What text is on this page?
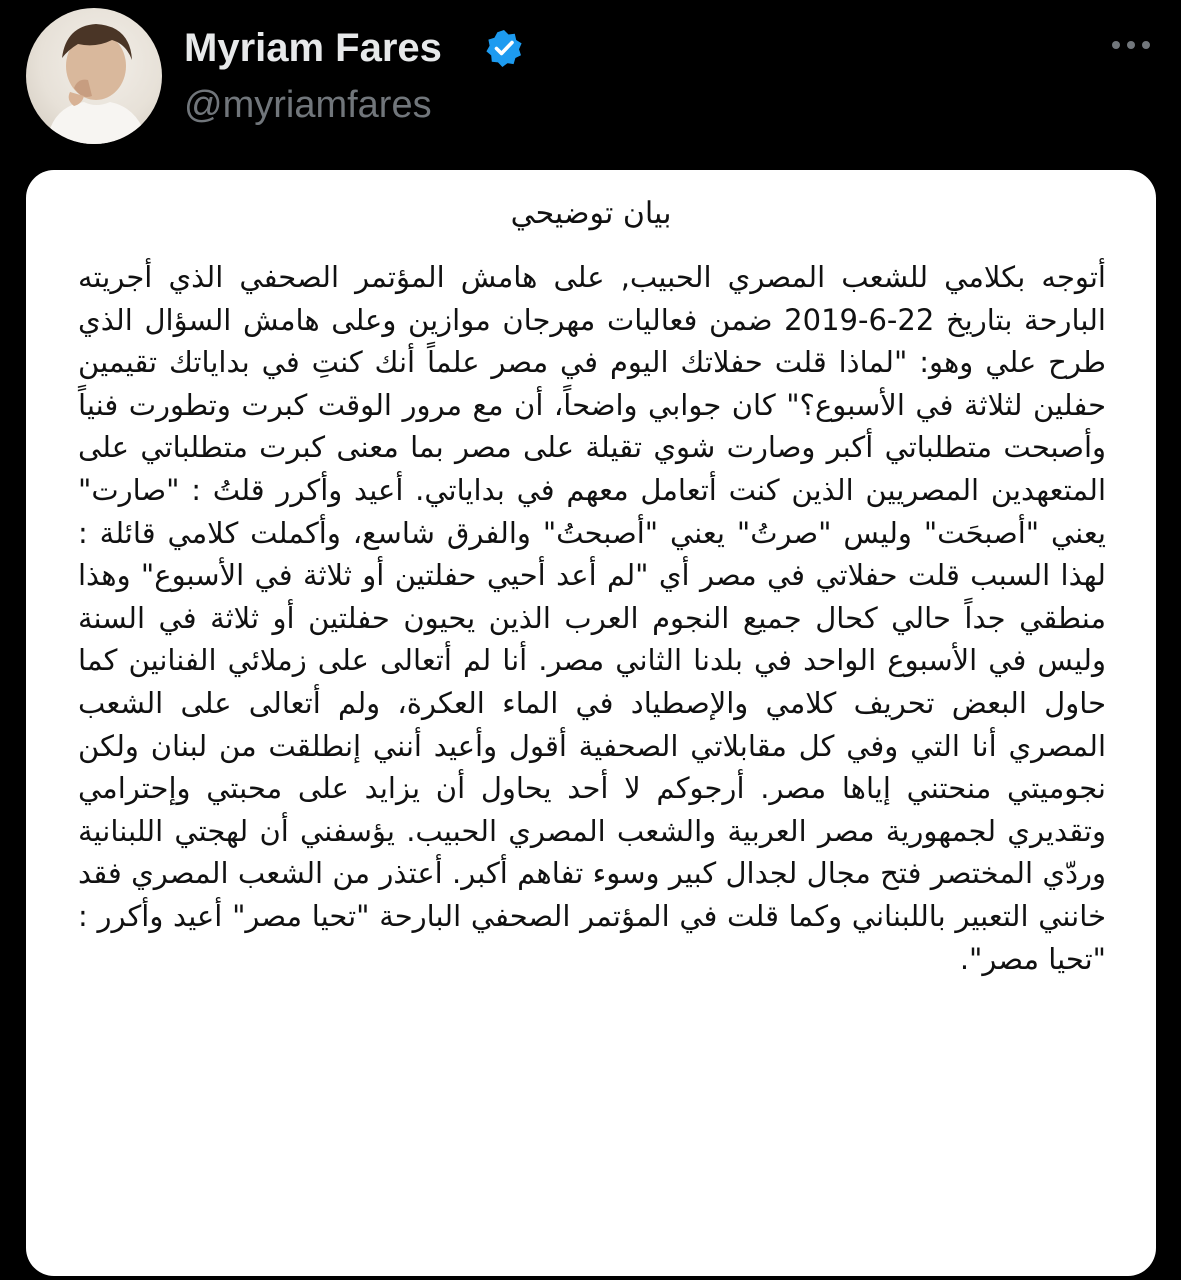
Myriam Fares
@myriamfares
بيان توضيحي

أتوجه بكلامي للشعب المصري الحبيب, على هامش المؤتمر الصحفي الذي أجريته البارحة بتاريخ 22-6-2019 ضمن فعاليات مهرجان موازين وعلى هامش السؤال الذي طرح علي وهو: "لماذا قلت حفلاتك اليوم في مصر علماً أنك كنتِ في بداياتك تقيمين حفلين لثلاثة في الأسبوع؟" كان جوابي واضحاً، أن مع مرور الوقت كبرت وتطورت فنياً وأصبحت متطلباتي أكبر وصارت شوي تقيلة على مصر بما معنى كبرت متطلباتي على المتعهدين المصريين الذين كنت أتعامل معهم في بداياتي. أعيد وأكرر قلتُ : "صارت" يعني "أصبحَت" وليس "صرتُ" يعني "أصبحتُ" والفرق شاسع، وأكملت كلامي قائلة : لهذا السبب قلت حفلاتي في مصر أي "لم أعد أحيي حفلتين أو ثلاثة في الأسبوع" وهذا منطقي جداً حالي كحال جميع النجوم العرب الذين يحيون حفلتين أو ثلاثة في السنة وليس في الأسبوع الواحد في بلدنا الثاني مصر. أنا لم أتعالى على زملائي الفنانين كما حاول البعض تحريف كلامي والإصطياد في الماء العكرة، ولم أتعالى على الشعب المصري أنا التي وفي كل مقابلاتي الصحفية أقول وأعيد أنني إنطلقت من لبنان ولكن نجوميتي منحتني إياها مصر. أرجوكم لا أحد يحاول أن يزايد على محبتي وإحترامي وتقديري لجمهورية مصر العربية والشعب المصري الحبيب. يؤسفني أن لهجتي اللبنانية وردّي المختصر فتح مجال لجدال كبير وسوء تفاهم أكبر. أعتذر من الشعب المصري فقد خانني التعبير باللبناني وكما قلت في المؤتمر الصحفي البارحة "تحيا مصر" أعيد وأكرر : "تحيا مصر".
